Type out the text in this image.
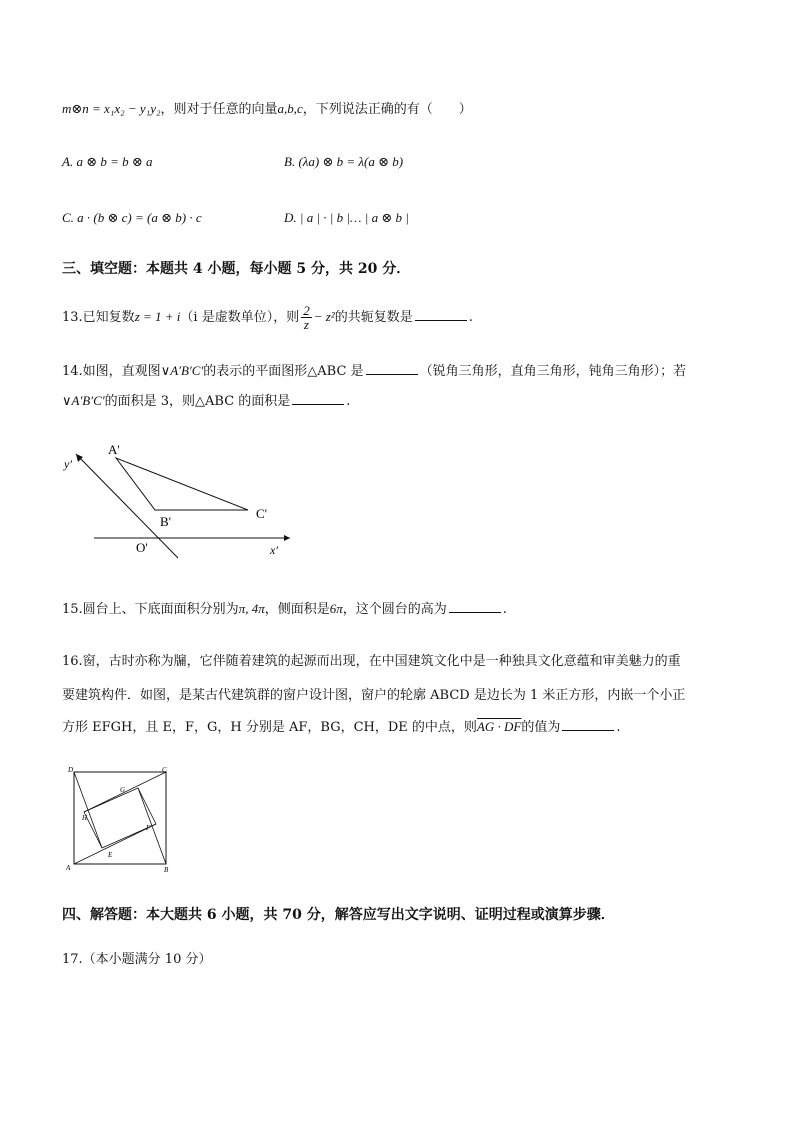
m⊗n = x₁x₂ − y₁y₂，则对于任意的向量a,b,c，下列说法正确的有（　　）
A. a ⊗ b = b ⊗ a	B. (λa) ⊗ b = λ(a ⊗ b)
C. a · (b ⊗ c) = (a ⊗ b) · c	D. | a | · | b |… | a ⊗ b |
三、填空题：本题共 4 小题，每小题 5 分，共 20 分．
13.已知复数z = 1 + i（i 是虚数单位），则 $\frac{2}{z} - z^2$的共轭复数是	.
14.如图，直观图∨A′B′C′的表示的平面图形△ABC 是	（锐角三角形，直角三角形，钝角三角形）；若
∨A′B′C′的面积是 3，则△ABC 的面积是	.
A'
B'
C'
O'	x′
y′
15.圆台上、下底面面积分别为π, 4π，侧面积是6π，这个圆台的高为	.
16.窗，古时亦称为牖，它伴随着建筑的起源而出现，在中国建筑文化中是一种独具文化意蕴和审美魅力的重
要建筑构件．如图，是某古代建筑群的窗户设计图，窗户的轮廓 ABCD 是边长为 1 米正方形，内嵌一个小正
方形 EFGH，且 E，F，G，H 分别是 AF，BG，CH，DE 的中点，则AG · DF的值为	.
A	B
C
D
E
F
G
H
四、解答题：本大题共 6 小题，共 70 分，解答应写出文字说明、证明过程或演算步骤．
17.（本小题满分 10 分）
